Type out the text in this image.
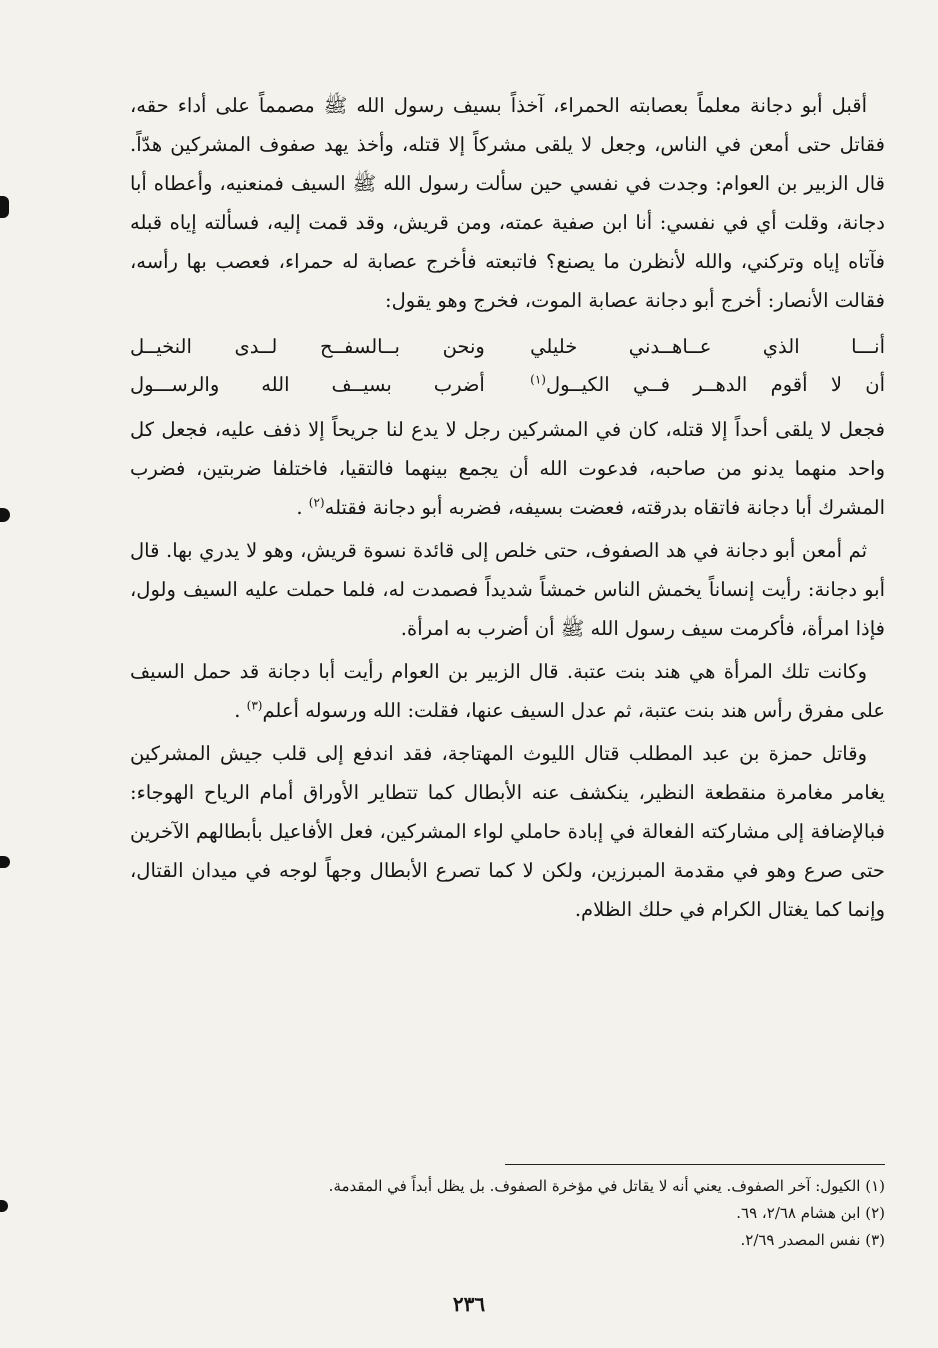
أقبل أبو دجانة معلماً بعصابته الحمراء، آخذاً بسيف رسول الله ﷺ مصمماً على أداء حقه، فقاتل حتى أمعن في الناس، وجعل لا يلقى مشركاً إلا قتله، وأخذ يهد صفوف المشركين هدّاً. قال الزبير بن العوام: وجدت في نفسي حين سألت رسول الله ﷺ السيف فمنعنيه، وأعطاه أبا دجانة، وقلت أي في نفسي: أنا ابن صفية عمته، ومن قريش، وقد قمت إليه، فسألته إياه قبله فآتاه إياه وتركني، والله لأنظرن ما يصنع؟ فاتبعته فأخرج عصابة له حمراء، فعصب بها رأسه، فقالت الأنصار: أخرج أبو دجانة عصابة الموت، فخرج وهو يقول:

أنـــا الذي عــاهــدني خليلي
ونحن بــالسفــح لــدى النخيــل
أن لا أقوم الدهــر فــي الكيــول$^{(١)}$
أضرب بسيــف الله والرســـول

فجعل لا يلقى أحداً إلا قتله، كان في المشركين رجل لا يدع لنا جريحاً إلا ذفف عليه، فجعل كل واحد منهما يدنو من صاحبه، فدعوت الله أن يجمع بينهما فالتقيا، فاختلفا ضربتين، فضرب المشرك أبا دجانة فاتقاه بدرقته، فعضت بسيفه، فضربه أبو دجانة فقتله$^{(٢)}$ .

ثم أمعن أبو دجانة في هد الصفوف، حتى خلص إلى قائدة نسوة قريش، وهو لا يدري بها. قال أبو دجانة: رأيت إنساناً يخمش الناس خمشاً شديداً فصمدت له، فلما حملت عليه السيف ولول، فإذا امرأة، فأكرمت سيف رسول الله ﷺ أن أضرب به امرأة.

وكانت تلك المرأة هي هند بنت عتبة. قال الزبير بن العوام رأيت أبا دجانة قد حمل السيف على مفرق رأس هند بنت عتبة، ثم عدل السيف عنها، فقلت: الله ورسوله أعلم$^{(٣)}$ .

وقاتل حمزة بن عبد المطلب قتال الليوث المهتاجة، فقد اندفع إلى قلب جيش المشركين يغامر مغامرة منقطعة النظير، ينكشف عنه الأبطال كما تتطاير الأوراق أمام الرياح الهوجاء: فبالإضافة إلى مشاركته الفعالة في إبادة حاملي لواء المشركين، فعل الأفاعيل بأبطالهم الآخرين حتى صرع وهو في مقدمة المبرزين، ولكن لا كما تصرع الأبطال وجهاً لوجه في ميدان القتال، وإنما كما يغتال الكرام في حلك الظلام.

(١) الكيول: آخر الصفوف. يعني أنه لا يقاتل في مؤخرة الصفوف. بل يظل أبداً في المقدمة.

(٢) ابن هشام ٢/٦٨، ٦٩.

(٣) نفس المصدر ٢/٦٩.

٢٣٦
